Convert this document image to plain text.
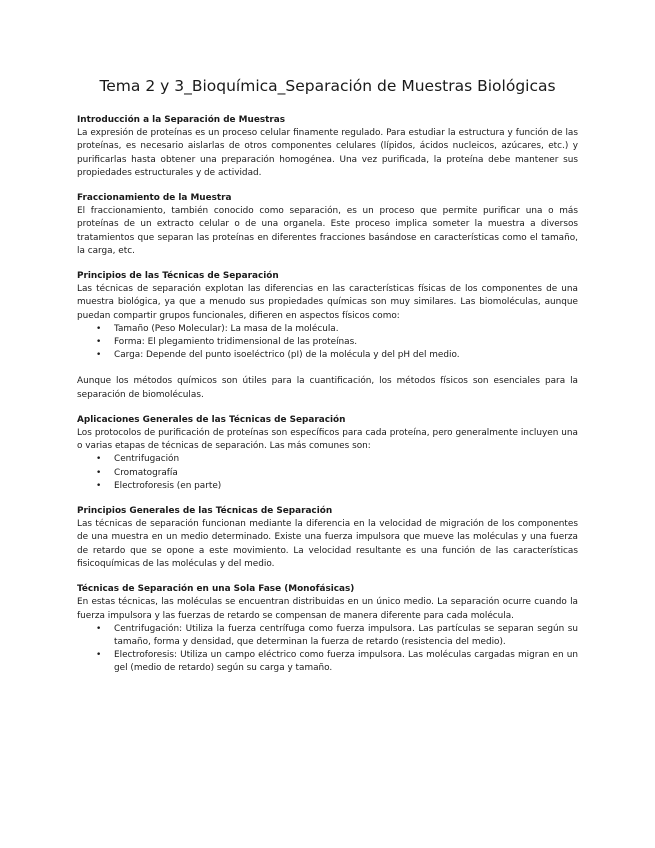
Tema 2 y 3_Bioquímica_Separación de Muestras Biológicas
Introducción a la Separación de Muestras

La expresión de proteínas es un proceso celular finamente regulado. Para estudiar la estructura y función de las proteínas, es necesario aislarlas de otros componentes celulares (lípidos, ácidos nucleicos, azúcares, etc.) y purificarlas hasta obtener una preparación homogénea. Una vez purificada, la proteína debe mantener sus propiedades estructurales y de actividad.

Fraccionamiento de la Muestra

El fraccionamiento, también conocido como separación, es un proceso que permite purificar una o más proteínas de un extracto celular o de una organela. Este proceso implica someter la muestra a diversos tratamientos que separan las proteínas en diferentes fracciones basándose en características como el tamaño, la carga, etc.

Principios de las Técnicas de Separación

Las técnicas de separación explotan las diferencias en las características físicas de los componentes de una muestra biológica, ya que a menudo sus propiedades químicas son muy similares. Las biomoléculas, aunque puedan compartir grupos funcionales, difieren en aspectos físicos como:

• Tamaño (Peso Molecular): La masa de la molécula.
• Forma: El plegamiento tridimensional de las proteínas.
• Carga: Depende del punto isoeléctrico (pI) de la molécula y del pH del medio.

Aunque los métodos químicos son útiles para la cuantificación, los métodos físicos son esenciales para la separación de biomoléculas.

Aplicaciones Generales de las Técnicas de Separación

Los protocolos de purificación de proteínas son específicos para cada proteína, pero generalmente incluyen una o varias etapas de técnicas de separación. Las más comunes son:

• Centrifugación
• Cromatografía
• Electroforesis (en parte)
Principios Generales de las Técnicas de Separación

Las técnicas de separación funcionan mediante la diferencia en la velocidad de migración de los componentes de una muestra en un medio determinado. Existe una fuerza impulsora que mueve las moléculas y una fuerza de retardo que se opone a este movimiento. La velocidad resultante es una función de las características fisicoquímicas de las moléculas y del medio.

Técnicas de Separación en una Sola Fase (Monofásicas)

En estas técnicas, las moléculas se encuentran distribuidas en un único medio. La separación ocurre cuando la fuerza impulsora y las fuerzas de retardo se compensan de manera diferente para cada molécula.

• Centrifugación: Utiliza la fuerza centrífuga como fuerza impulsora. Las partículas se separan según su tamaño, forma y densidad, que determinan la fuerza de retardo (resistencia del medio).
• Electroforesis: Utiliza un campo eléctrico como fuerza impulsora. Las moléculas cargadas migran en un gel (medio de retardo) según su carga y tamaño.
